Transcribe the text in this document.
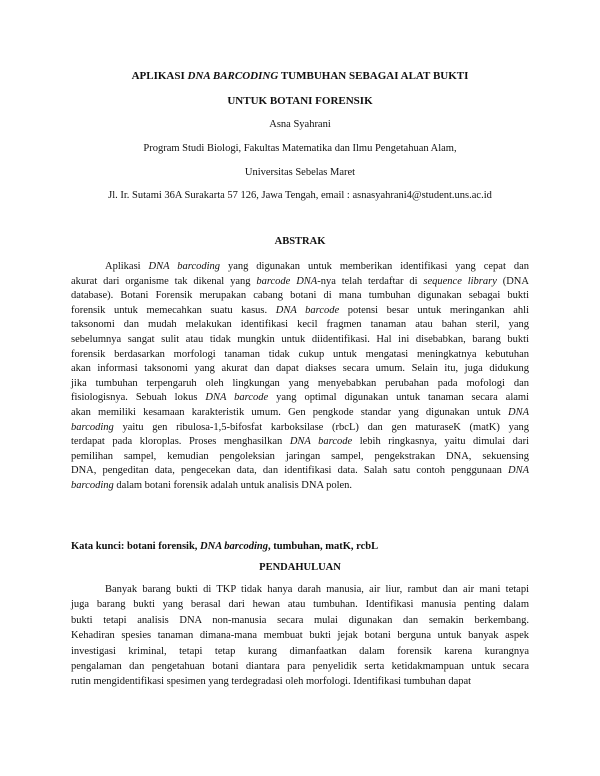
APLIKASI DNA BARCODING TUMBUHAN SEBAGAI ALAT BUKTI
UNTUK BOTANI FORENSIK
Asna Syahrani
Program Studi Biologi, Fakultas Matematika dan Ilmu Pengetahuan Alam,
Universitas Sebelas Maret
Jl. Ir. Sutami 36A Surakarta 57 126, Jawa Tengah, email : asnasyahrani4@student.uns.ac.id
ABSTRAK
Aplikasi DNA barcoding yang digunakan untuk memberikan identifikasi yang cepat dan
akurat dari organisme tak dikenal yang barcode DNA-nya telah terdaftar di sequence library (DNA
database). Botani Forensik merupakan cabang botani di mana tumbuhan digunakan sebagai bukti
forensik untuk memecahkan suatu kasus. DNA barcode potensi besar untuk meringankan ahli
taksonomi dan mudah melakukan identifikasi kecil fragmen tanaman atau bahan steril, yang
sebelumnya sangat sulit atau tidak mungkin untuk diidentifikasi. Hal ini disebabkan, barang bukti
forensik berdasarkan morfologi tanaman tidak cukup untuk mengatasi meningkatnya kebutuhan
akan informasi taksonomi yang akurat dan dapat diakses secara umum. Selain itu, juga didukung
jika tumbuhan terpengaruh oleh lingkungan yang menyebabkan perubahan pada mofologi dan
fisiologisnya. Sebuah lokus DNA barcode yang optimal digunakan untuk tanaman secara alami
akan memiliki kesamaan karakteristik umum. Gen pengkode standar yang digunakan untuk DNA
barcoding yaitu gen ribulosa-1,5-bifosfat karboksilase (rbcL) dan gen maturaseK (matK) yang
terdapat pada kloroplas. Proses menghasilkan DNA barcode lebih ringkasnya, yaitu dimulai dari
pemilihan sampel, kemudian pengoleksian jaringan sampel, pengekstrakan DNA, sekuensing
DNA, pengeditan data, pengecekan data, dan identifikasi data. Salah satu contoh penggunaan DNA
barcoding dalam botani forensik adalah untuk analisis DNA polen.
Kata kunci: botani forensik, DNA barcoding, tumbuhan, matK, rcbL
PENDAHULUAN
Banyak barang bukti di TKP tidak hanya darah manusia, air liur, rambut dan air mani tetapi
juga barang bukti yang berasal dari hewan atau tumbuhan. Identifikasi manusia penting dalam
bukti tetapi analisis DNA non-manusia secara mulai digunakan dan semakin berkembang.
Kehadiran spesies tanaman dimana-mana membuat bukti jejak botani berguna untuk banyak aspek
investigasi kriminal, tetapi tetap kurang dimanfaatkan dalam forensik karena kurangnya
pengalaman dan pengetahuan botani diantara para penyelidik serta ketidakmampuan untuk secara
rutin mengidentifikasi spesimen yang terdegradasi oleh morfologi. Identifikasi tumbuhan dapat
